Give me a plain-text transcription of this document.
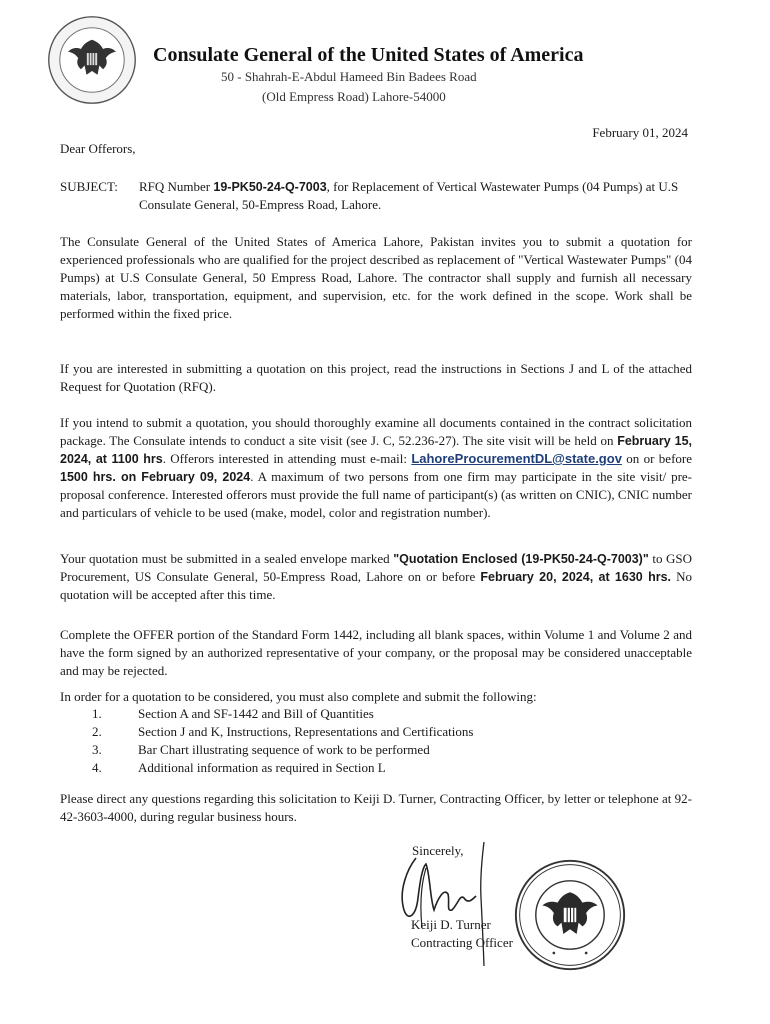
Consulate General of the United States of America
50 - Shahrah-E-Abdul Hameed Bin Badees Road
(Old Empress Road) Lahore-54000
February 01, 2024
Dear Offerors,
SUBJECT: RFQ Number 19-PK50-24-Q-7003, for Replacement of Vertical Wastewater Pumps (04 Pumps) at U.S Consulate General, 50-Empress Road, Lahore.
The Consulate General of the United States of America Lahore, Pakistan invites you to submit a quotation for experienced professionals who are qualified for the project described as replacement of "Vertical Wastewater Pumps" (04 Pumps) at U.S Consulate General, 50 Empress Road, Lahore. The contractor shall supply and furnish all necessary materials, labor, transportation, equipment, and supervision, etc. for the work defined in the scope. Work shall be performed within the fixed price.
If you are interested in submitting a quotation on this project, read the instructions in Sections J and L of the attached Request for Quotation (RFQ).
If you intend to submit a quotation, you should thoroughly examine all documents contained in the contract solicitation package. The Consulate intends to conduct a site visit (see J. C, 52.236-27). The site visit will be held on February 15, 2024, at 1100 hrs. Offerors interested in attending must e-mail: LahoreProcurementDL@state.gov on or before 1500 hrs. on February 09, 2024. A maximum of two persons from one firm may participate in the site visit/ pre-proposal conference. Interested offerors must provide the full name of participant(s) (as written on CNIC), CNIC number and particulars of vehicle to be used (make, model, color and registration number).
Your quotation must be submitted in a sealed envelope marked "Quotation Enclosed (19-PK50-24-Q-7003)" to GSO Procurement, US Consulate General, 50-Empress Road, Lahore on or before February 20, 2024, at 1630 hrs. No quotation will be accepted after this time.
Complete the OFFER portion of the Standard Form 1442, including all blank spaces, within Volume 1 and Volume 2 and have the form signed by an authorized representative of your company, or the proposal may be considered unacceptable and may be rejected.
In order for a quotation to be considered, you must also complete and submit the following:
1.	Section A and SF-1442 and Bill of Quantities
2.	Section J and K, Instructions, Representations and Certifications
3.	Bar Chart illustrating sequence of work to be performed
4.	Additional information as required in Section L
Please direct any questions regarding this solicitation to Keiji D. Turner, Contracting Officer, by letter or telephone at 92-42-3603-4000, during regular business hours.
Sincerely,
Keiji D. Turner
Contracting Officer
